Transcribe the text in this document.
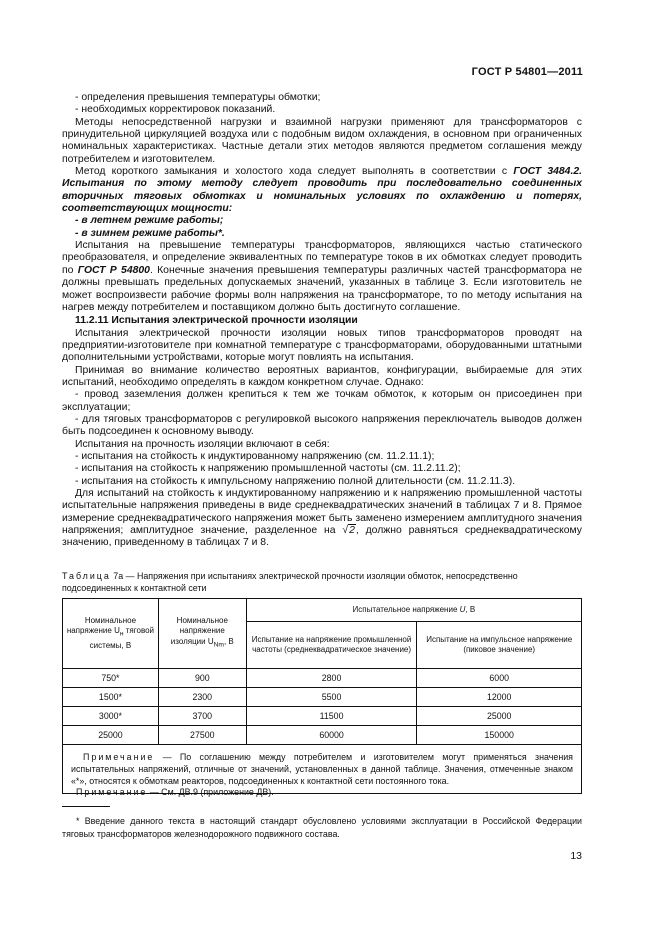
ГОСТ Р 54801—2011

- определения превышения температуры обмотки;

- необходимых корректировок показаний.

Методы непосредственной нагрузки и взаимной нагрузки применяют для трансформаторов с принудительной циркуляцией воздуха или с подобным видом охлаждения, в основном при ограниченных номинальных характеристиках. Частные детали этих методов являются предметом соглашения между потребителем и изготовителем.

Метод короткого замыкания и холостого хода следует выполнять в соответствии с ГОСТ 3484.2. Испытания по этому методу следует проводить при последовательно соединенных вторичных тяговых обмотках и номинальных условиях по охлаждению и потерях, соответствующих мощности:

- в летнем режиме работы;

- в зимнем режиме работы*.

Испытания на превышение температуры трансформаторов, являющихся частью статического преобразователя, и определение эквивалентных по температуре токов в их обмотках следует проводить по ГОСТ Р 54800. Конечные значения превышения температуры различных частей трансформатора не должны превышать предельных допускаемых значений, указанных в таблице 3. Если изготовитель не может воспроизвести рабочие формы волн напряжения на трансформаторе, то по методу испытания на нагрев между потребителем и поставщиком должно быть достигнуто соглашение.

11.2.11 Испытания электрической прочности изоляции

Испытания электрической прочности изоляции новых типов трансформаторов проводят на предприятии-изготовителе при комнатной температуре с трансформаторами, оборудованными штатными дополнительными устройствами, которые могут повлиять на испытания.

Принимая во внимание количество вероятных вариантов, конфигурации, выбираемые для этих испытаний, необходимо определять в каждом конкретном случае. Однако:

- провод заземления должен крепиться к тем же точкам обмоток, к которым он присоединен при эксплуатации;

- для тяговых трансформаторов с регулировкой высокого напряжения переключатель выводов должен быть подсоединен к основному выводу.

Испытания на прочность изоляции включают в себя:

- испытания на стойкость к индуктированному напряжению (см. 11.2.11.1);

- испытания на стойкость к напряжению промышленной частоты (см. 11.2.11.2);

- испытания на стойкость к импульсному напряжению полной длительности (см. 11.2.11.3).

Для испытаний на стойкость к индуктированному напряжению и к напряжению промышленной частоты испытательные напряжения приведены в виде среднеквадратических значений в таблицах 7 и 8. Прямое измерение среднеквадратического напряжения может быть заменено измерением амплитудного значения напряжения; амплитудное значение, разделенное на √2, должно равняться среднеквадратическому значению, приведенному в таблицах 7 и 8.

Таблица 7а — Напряжения при испытаниях электрической прочности изоляции обмоток, непосредственно подсоединенных к контактной сети
Номинальное напряжение $U_н$ тяговой системы, В	Номинальное напряжение изоляции $U_{Nm}$, В	Испытательное напряжение U, В	
		Испытание на напряжение промышленной частоты (среднеквадратическое значение)	Испытание на импульсное напряжение (пиковое значение)
750*	900	2800	6000
1500*	2300	5500	12000
3000*	3700	11500	25000
25000	27500	60000	150000
Примечание — По соглашению между потребителем и изготовителем могут применяться значения испытательных напряжений, отличные от значений, установленных в данной таблице. Значения, отмеченные знаком «*», относятся к обмоткам реакторов, подсоединенных к контактной сети постоянного тока.			
Примечание — См. ДВ.9 (приложение ДВ).
* Введение данного текста в настоящий стандарт обусловлено условиями эксплуатации в Российской Федерации тяговых трансформаторов железнодорожного подвижного состава.
13
